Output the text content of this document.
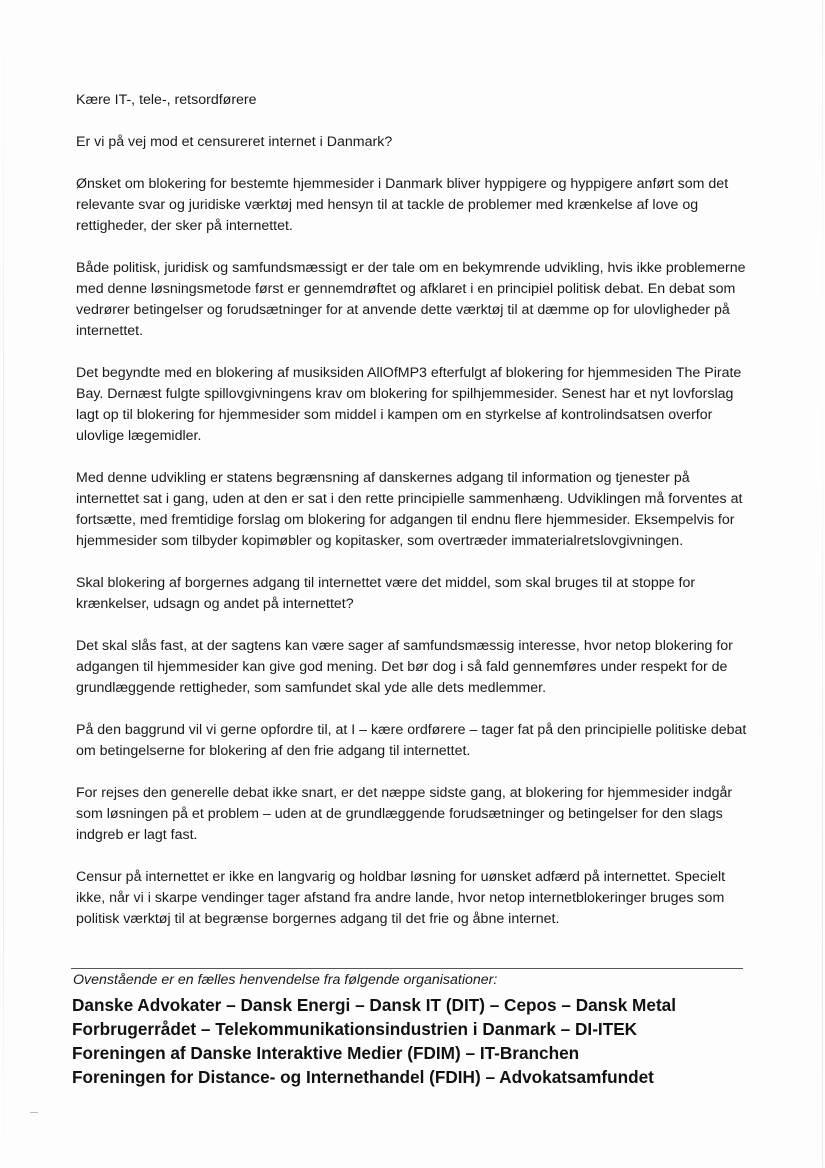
Kære IT-, tele-, retsordførere

Er vi på vej mod et censureret internet i Danmark?

Ønsket om blokering for bestemte hjemmesider i Danmark bliver hyppigere og hyppigere anført som det relevante svar og juridiske værktøj med hensyn til at tackle de problemer med krænkelse af love og rettigheder, der sker på internettet.

Både politisk, juridisk og samfundsmæssigt er der tale om en bekymrende udvikling, hvis ikke problemerne med denne løsningsmetode først er gennemdrøftet og afklaret i en principiel politisk debat. En debat som vedrører betingelser og forudsætninger for at anvende dette værktøj til at dæmme op for ulovligheder på internettet.

Det begyndte med en blokering af musiksiden AllOfMP3 efterfulgt af blokering for hjemmesiden The Pirate Bay. Dernæst fulgte spillovgivningens krav om blokering for spilhjemmesider. Senest har et nyt lovforslag lagt op til blokering for hjemmesider som middel i kampen om en styrkelse af kontrolindsatsen overfor ulovlige lægemidler.

Med denne udvikling er statens begrænsning af danskernes adgang til information og tjenester på internettet sat i gang, uden at den er sat i den rette principielle sammenhæng. Udviklingen må forventes at fortsætte, med fremtidige forslag om blokering for adgangen til endnu flere hjemmesider. Eksempelvis for hjemmesider som tilbyder kopimøbler og kopitasker, som overtræder immaterialretslovgivningen.

Skal blokering af borgernes adgang til internettet være det middel, som skal bruges til at stoppe for krænkelser, udsagn og andet på internettet?

Det skal slås fast, at der sagtens kan være sager af samfundsmæssig interesse, hvor netop blokering for adgangen til hjemmesider kan give god mening. Det bør dog i så fald gennemføres under respekt for de grundlæggende rettigheder, som samfundet skal yde alle dets medlemmer.

På den baggrund vil vi gerne opfordre til, at I – kære ordførere – tager fat på den principielle politiske debat om betingelserne for blokering af den frie adgang til internettet.

For rejses den generelle debat ikke snart, er det næppe sidste gang, at blokering for hjemmesider indgår som løsningen på et problem – uden at de grundlæggende forudsætninger og betingelser for den slags indgreb er lagt fast.

Censur på internettet er ikke en langvarig og holdbar løsning for uønsket adfærd på internettet. Specielt ikke, når vi i skarpe vendinger tager afstand fra andre lande, hvor netop internetblokeringer bruges som politisk værktøj til at begrænse borgernes adgang til det frie og åbne internet.

Ovenstående er en fælles henvendelse fra følgende organisationer:
Danske Advokater – Dansk Energi – Dansk IT (DIT) – Cepos – Dansk Metal
Forbrugerrådet – Telekommunikationsindustrien i Danmark – DI-ITEK
Foreningen af Danske Interaktive Medier (FDIM) – IT-Branchen
Foreningen for Distance- og Internethandel (FDIH) – Advokatsamfundet
